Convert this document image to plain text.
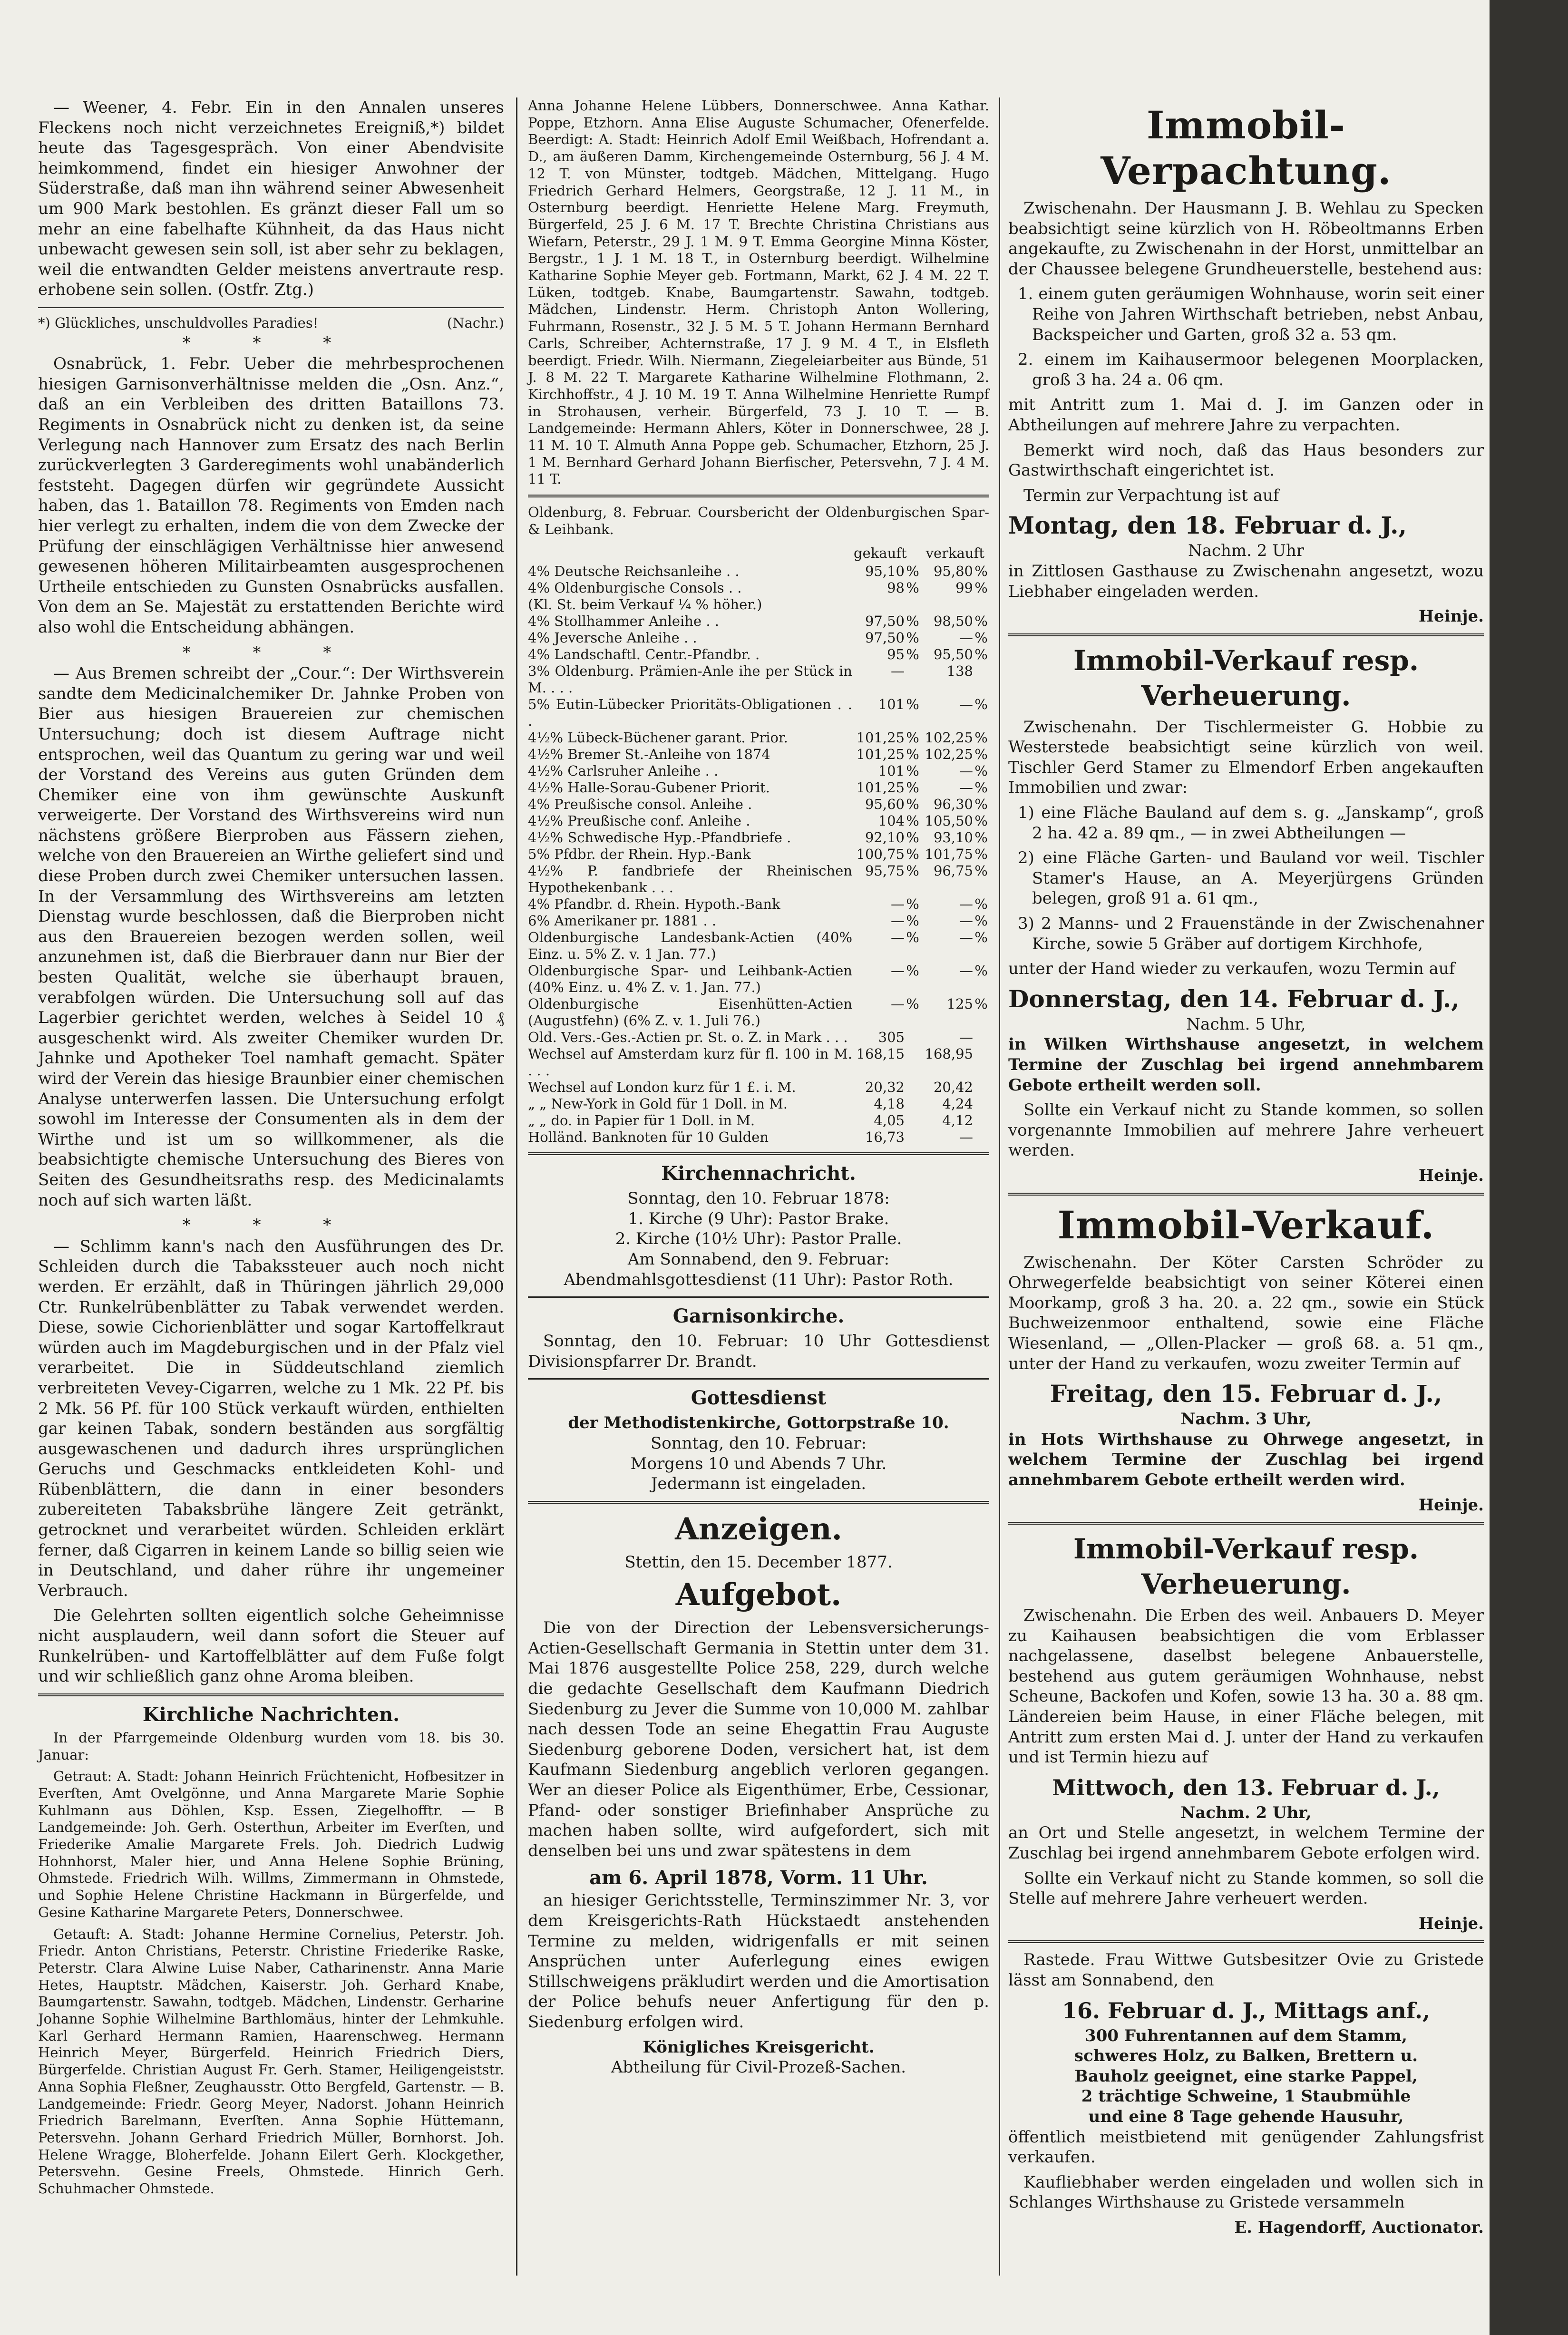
— Weener, 4. Febr. Ein in den Annalen unseres Fleckens noch nicht verzeichnetes Ereigniß,*) bildet heute das Tagesgespräch. Von einer Abendvisite heimkommend, findet ein hiesiger Anwohner der Süderstraße, daß man ihn während seiner Abwesenheit um 900 Mark bestohlen. Es gränzt dieser Fall um so mehr an eine fabelhafte Kühnheit, da das Haus nicht unbewacht gewesen sein soll, ist aber sehr zu beklagen, weil die entwandten Gelder meistens anvertraute resp. erhobene sein sollen. (Ostfr. Ztg.)

*) Glückliches, unschuldvolles Paradies!	(Nachr.)
* * *

Osnabrück, 1. Febr. Ueber die mehrbesprochenen hiesigen Garnisonverhältnisse melden die „Osn. Anz.“, daß an ein Verbleiben des dritten Bataillons 73. Regiments in Osnabrück nicht zu denken ist, da seine Verlegung nach Hannover zum Ersatz des nach Berlin zurückverlegten 3 Garderegiments wohl unabänderlich feststeht. Dagegen dürfen wir gegründete Aussicht haben, das 1. Bataillon 78. Regiments von Emden nach hier verlegt zu erhalten, indem die von dem Zwecke der Prüfung der einschlägigen Verhältnisse hier anwesend gewesenen höheren Militairbeamten ausgesprochenen Urtheile entschieden zu Gunsten Osnabrücks ausfallen. Von dem an Se. Majestät zu erstattenden Berichte wird also wohl die Entscheidung abhängen.

* * *

— Aus Bremen schreibt der „Cour.“: Der Wirthsverein sandte dem Medicinalchemiker Dr. Jahnke Proben von Bier aus hiesigen Brauereien zur chemischen Untersuchung; doch ist diesem Auftrage nicht entsprochen, weil das Quantum zu gering war und weil der Vorstand des Vereins aus guten Gründen dem Chemiker eine von ihm gewünschte Auskunft verweigerte. Der Vorstand des Wirthsvereins wird nun nächstens größere Bierproben aus Fässern ziehen, welche von den Brauereien an Wirthe geliefert sind und diese Proben durch zwei Chemiker untersuchen lassen. In der Versammlung des Wirthsvereins am letzten Dienstag wurde beschlossen, daß die Bierproben nicht aus den Brauereien bezogen werden sollen, weil anzunehmen ist, daß die Bierbrauer dann nur Bier der besten Qualität, welche sie überhaupt brauen, verabfolgen würden. Die Untersuchung soll auf das Lagerbier gerichtet werden, welches à Seidel 10 ₰ ausgeschenkt wird. Als zweiter Chemiker wurden Dr. Jahnke und Apotheker Toel namhaft gemacht. Später wird der Verein das hiesige Braunbier einer chemischen Analyse unterwerfen lassen. Die Untersuchung erfolgt sowohl im Interesse der Consumenten als in dem der Wirthe und ist um so willkommener, als die beabsichtigte chemische Untersuchung des Bieres von Seiten des Gesundheitsraths resp. des Medicinalamts noch auf sich warten läßt.

* * *

— Schlimm kann's nach den Ausführungen des Dr. Schleiden durch die Tabakssteuer auch noch nicht werden. Er erzählt, daß in Thüringen jährlich 29,000 Ctr. Runkelrübenblätter zu Tabak verwendet werden. Diese, sowie Cichorienblätter und sogar Kartoffelkraut würden auch im Magdeburgischen und in der Pfalz viel verarbeitet. Die in Süddeutschland ziemlich verbreiteten Vevey-Cigarren, welche zu 1 Mk. 22 Pf. bis 2 Mk. 56 Pf. für 100 Stück verkauft würden, enthielten gar keinen Tabak, sondern beständen aus sorgfältig ausgewaschenen und dadurch ihres ursprünglichen Geruchs und Geschmacks entkleideten Kohl- und Rübenblättern, die dann in einer besonders zubereiteten Tabaksbrühe längere Zeit getränkt, getrocknet und verarbeitet würden. Schleiden erklärt ferner, daß Cigarren in keinem Lande so billig seien wie in Deutschland, und daher rühre ihr ungemeiner Verbrauch.

Die Gelehrten sollten eigentlich solche Geheimnisse nicht ausplaudern, weil dann sofort die Steuer auf Runkelrüben- und Kartoffelblätter auf dem Fuße folgt und wir schließlich ganz ohne Aroma bleiben.

Kirchliche Nachrichten.

In der Pfarrgemeinde Oldenburg wurden vom 18. bis 30. Januar:

Getraut: A. Stadt: Johann Heinrich Früchtenicht, Hofbesitzer in Everſten, Amt Ovelgönne, und Anna Margarete Marie Sophie Kuhlmann aus Döhlen, Ksp. Essen, Ziegelhofftr. — B Landgemeinde: Joh. Gerh. Osterthun, Arbeiter im Everſten, und Friederike Amalie Margarete Frels. Joh. Diedrich Ludwig Hohnhorst, Maler hier, und Anna Helene Sophie Brüning, Ohmstede. Friedrich Wilh. Willms, Zimmermann in Ohmstede, und Sophie Helene Christine Hackmann in Bürgerfelde, und Gesine Katharine Margarete Peters, Donnerschwee.

Getauft: A. Stadt: Johanne Hermine Cornelius, Peterstr. Joh. Friedr. Anton Christians, Peterstr. Christine Friederike Raske, Peterstr. Clara Alwine Luise Naber, Catharinenstr. Anna Marie Hetes, Hauptstr. Mädchen, Kaiserstr. Joh. Gerhard Knabe, Baumgartenstr. Sawahn, todtgeb. Mädchen, Lindenstr. Gerharine Johanne Sophie Wilhelmine Barthlomäus, hinter der Lehmkuhle. Karl Gerhard Hermann Ramien, Haarenschweg. Hermann Heinrich Meyer, Bürgerfeld. Heinrich Friedrich Diers, Bürgerfelde. Christian August Fr. Gerh. Stamer, Heiligengeiststr. Anna Sophia Fleßner, Zeughausstr. Otto Bergfeld, Gartenstr. — B. Landgemeinde: Friedr. Georg Meyer, Nadorst. Johann Heinrich Friedrich Barelmann, Everſten. Anna Sophie Hüttemann, Petersvehn. Johann Gerhard Friedrich Müller, Bornhorst. Joh. Helene Wragge, Bloherfelde. Johann Eilert Gerh. Klockgether, Petersvehn. Gesine Freels, Ohmstede. Hinrich Gerh. Schuhmacher Ohmstede.

Anna Johanne Helene Lübbers, Donnerschwee. Anna Kathar. Poppe, Etzhorn. Anna Elise Auguste Schumacher, Ofenerfelde. Beerdigt: A. Stadt: Heinrich Adolf Emil Weißbach, Hofrendant a. D., am äußeren Damm, Kirchengemeinde Osternburg, 56 J. 4 M. 12 T. von Münster, todtgeb. Mädchen, Mittelgang. Hugo Friedrich Gerhard Helmers, Georgstraße, 12 J. 11 M., in Osternburg beerdigt. Henriette Helene Marg. Freymuth, Bürgerfeld, 25 J. 6 M. 17 T. Brechte Christina Christians aus Wiefarn, Peterstr., 29 J. 1 M. 9 T. Emma Georgine Minna Köster, Bergstr., 1 J. 1 M. 18 T., in Osternburg beerdigt. Wilhelmine Katharine Sophie Meyer geb. Fortmann, Markt, 62 J. 4 M. 22 T. Lüken, todtgeb. Knabe, Baumgartenstr. Sawahn, todtgeb. Mädchen, Lindenstr. Herm. Christoph Anton Wollering, Fuhrmann, Rosenstr., 32 J. 5 M. 5 T. Johann Hermann Bernhard Carls, Schreiber, Achternstraße, 17 J. 9 M. 4 T., in Elsfleth beerdigt. Friedr. Wilh. Niermann, Ziegeleiarbeiter aus Bünde, 51 J. 8 M. 22 T. Margarete Katharine Wilhelmine Flothmann, 2. Kirchhoffstr., 4 J. 10 M. 19 T. Anna Wilhelmine Henriette Rumpf in Strohausen, verheir. Bürgerfeld, 73 J. 10 T. — B. Landgemeinde: Hermann Ahlers, Köter in Donnerschwee, 28 J. 11 M. 10 T. Almuth Anna Poppe geb. Schumacher, Etzhorn, 25 J. 1 M. Bernhard Gerhard Johann Bierfischer, Petersvehn, 7 J. 4 M. 11 T.

Oldenburg, 8. Februar. Coursbericht der Oldenburgischen Spar- & Leihbank.

gekauft verkauft
4% Deutsche Reichsanleihe . .	95,10	%	95,80	%
4% Oldenburgische Consols . .	98	%	99	%
(Kl. St. beim Verkauf ¼ % höher.)				
4% Stollhammer Anleihe . .	97,50	%	98,50	%
4% Jeversche Anleihe . .	97,50	%	—	%
4% Landschaftl. Centr.-Pfandbr. .	95	%	95,50	%
3% Oldenburg. Prämien-Anle ihe per Stück in M. . . .	—		138	
5% Eutin-Lübecker Prioritäts-Obligationen . . .	101	%	—	%
4½% Lübeck-Büchener garant. Prior.	101,25	%	102,25	%
4½% Bremer St.-Anleihe von 1874	101,25	%	102,25	%
4½% Carlsruher Anleihe . .	101	%	—	%
4½% Halle-Sorau-Gubener Priorit.	101,25	%	—	%
4% Preußische consol. Anleihe .	95,60	%	96,30	%
4½% Preußische conf. Anleihe .	104	%	105,50	%
4½% Schwedische Hyp.-Pfandbriefe .	92,10	%	93,10	%
5% Pfdbr. der Rhein. Hyp.-Bank	100,75	%	101,75	%
4½% P. fandbriefe der Rheinischen Hypothekenbank . . .	95,75	%	96,75	%
4% Pfandbr. d. Rhein. Hypoth.-Bank	—	%	—	%
6% Amerikaner pr. 1881 . .	—	%	—	%
Oldenburgische Landesbank-Actien (40% Einz. u. 5% Z. v. 1 Jan. 77.)	—	%	—	%
Oldenburgische Spar- und Leihbank-Actien (40% Einz. u. 4% Z. v. 1. Jan. 77.)	—	%	—	%
Oldenburgische Eisenhütten-Actien (Augustfehn) (6% Z. v. 1. Juli 76.)	—	%	125	%
Old. Vers.-Ges.-Actien pr. St. o. Z. in Mark . . .	305		—	
Wechsel auf Amsterdam kurz für fl. 100 in M. . . .	168,15		168,95	
Wechsel auf London kurz für 1 £. i. M.	20,32		20,42	
„ „ New-York in Gold für 1 Doll. in M.	4,18		4,24	
„ „ do. in Papier für 1 Doll. in M.	4,05		4,12	
Holländ. Banknoten für 10 Gulden	16,73		—	
Kirchennachricht.
Sonntag, den 10. Februar 1878:
1. Kirche (9 Uhr): Pastor Brake.
2. Kirche (10½ Uhr): Pastor Pralle.
Am Sonnabend, den 9. Februar:
Abendmahlsgottesdienst (11 Uhr): Pastor Roth.
Garnisonkirche.

Sonntag, den 10. Februar: 10 Uhr Gottesdienst Divisionspfarrer Dr. Brandt.

Gottesdienst
der Methodistenkirche, Gottorpstraße 10.
Sonntag, den 10. Februar:
Morgens 10 und Abends 7 Uhr.
Jedermann ist eingeladen.
Anzeigen.
Stettin, den 15. December 1877.
Aufgebot.

Die von der Direction der Lebensversicherungs-Actien-Gesellschaft Germania in Stettin unter dem 31. Mai 1876 ausgestellte Police 258, 229, durch welche die gedachte Gesellschaft dem Kaufmann Diedrich Siedenburg zu Jever die Summe von 10,000 M. zahlbar nach dessen Tode an seine Ehegattin Frau Auguste Siedenburg geborene Doden, versichert hat, ist dem Kaufmann Siedenburg angeblich verloren gegangen. Wer an dieser Police als Eigenthümer, Erbe, Cessionar, Pfand- oder sonstiger Briefinhaber Ansprüche zu machen haben sollte, wird aufgefordert, sich mit denselben bei uns und zwar spätestens in dem

am 6. April 1878, Vorm. 11 Uhr.

an hiesiger Gerichtsstelle, Terminszimmer Nr. 3, vor dem Kreisgerichts-Rath Hückstaedt anstehenden Termine zu melden, widrigenfalls er mit seinen Ansprüchen unter Auferlegung eines ewigen Stillschweigens präkludirt werden und die Amortisation der Police behufs neuer Anfertigung für den p. Siedenburg erfolgen wird.

Königliches Kreisgericht.
Abtheilung für Civil-Prozeß-Sachen.
Immobil-Verpachtung.

Zwischenahn. Der Hausmann J. B. Wehlau zu Specken beabsichtigt seine kürzlich von H. Röbeoltmanns Erben angekaufte, zu Zwischenahn in der Horst, unmittelbar an der Chaussee belegene Grundheuerstelle, bestehend aus:

1. einem guten geräumigen Wohnhause, worin seit einer Reihe von Jahren Wirthschaft betrieben, nebst Anbau, Backspeicher und Garten, groß 32 a. 53 qm.

2. einem im Kaihausermoor belegenen Moorplacken, groß 3 ha. 24 a. 06 qm.

mit Antritt zum 1. Mai d. J. im Ganzen oder in Abtheilungen auf mehrere Jahre zu verpachten.

Bemerkt wird noch, daß das Haus besonders zur Gastwirthschaft eingerichtet ist.

Termin zur Verpachtung ist auf

Montag, den 18. Februar d. J.,
Nachm. 2 Uhr

in Zittlosen Gasthause zu Zwischenahn angesetzt, wozu Liebhaber eingeladen werden.

Heinje.
Immobil-Verkauf resp. Verheuerung.

Zwischenahn. Der Tischlermeister G. Hobbie zu Westerstede beabsichtigt seine kürzlich von weil. Tischler Gerd Stamer zu Elmendorf Erben angekauften Immobilien und zwar:

1) eine Fläche Bauland auf dem s. g. „Janskamp“, groß 2 ha. 42 a. 89 qm., — in zwei Abtheilungen —

2) eine Fläche Garten- und Bauland vor weil. Tischler Stamer's Hause, an A. Meyerjürgens Gründen belegen, groß 91 a. 61 qm.,

3) 2 Manns- und 2 Frauenstände in der Zwischenahner Kirche, sowie 5 Gräber auf dortigem Kirchhofe,

unter der Hand wieder zu verkaufen, wozu Termin auf

Donnerstag, den 14. Februar d. J.,
Nachm. 5 Uhr,

in Wilken Wirthshause angesetzt, in welchem Termine der Zuschlag bei irgend annehmbarem Gebote ertheilt werden soll.

Sollte ein Verkauf nicht zu Stande kommen, so sollen vorgenannte Immobilien auf mehrere Jahre verheuert werden.

Heinje.
Immobil-Verkauf.

Zwischenahn. Der Köter Carsten Schröder zu Ohrwegerfelde beabsichtigt von seiner Köterei einen Moorkamp, groß 3 ha. 20. a. 22 qm., sowie ein Stück Buchweizenmoor enthaltend, sowie eine Fläche Wiesenland, — „Ollen-Placker — groß 68. a. 51 qm., unter der Hand zu verkaufen, wozu zweiter Termin auf

Freitag, den 15. Februar d. J.,
Nachm. 3 Uhr,

in Hots Wirthshause zu Ohrwege angesetzt, in welchem Termine der Zuschlag bei irgend annehmbarem Gebote ertheilt werden wird.

Heinje.
Immobil-Verkauf resp. Verheuerung.

Zwischenahn. Die Erben des weil. Anbauers D. Meyer zu Kaihausen beabsichtigen die vom Erblasser nachgelassene, daselbst belegene Anbauerstelle, bestehend aus gutem geräumigen Wohnhause, nebst Scheune, Backofen und Kofen, sowie 13 ha. 30 a. 88 qm. Ländereien beim Hause, in einer Fläche belegen, mit Antritt zum ersten Mai d. J. unter der Hand zu verkaufen und ist Termin hiezu auf

Mittwoch, den 13. Februar d. J.,
Nachm. 2 Uhr,

an Ort und Stelle angesetzt, in welchem Termine der Zuschlag bei irgend annehmbarem Gebote erfolgen wird.

Sollte ein Verkauf nicht zu Stande kommen, so soll die Stelle auf mehrere Jahre verheuert werden.

Heinje.

Rastede. Frau Wittwe Gutsbesitzer Ovie zu Gristede lässt am Sonnabend, den

16. Februar d. J., Mittags anf.,
300 Fuhrentannen auf dem Stamm,
schweres Holz, zu Balken, Brettern u.
Bauholz geeignet, eine starke Pappel,
2 trächtige Schweine, 1 Staubmühle
und eine 8 Tage gehende Hausuhr,

öffentlich meistbietend mit genügender Zahlungsfrist verkaufen.

Kaufliebhaber werden eingeladen und wollen sich in Schlanges Wirthshause zu Gristede versammeln

E. Hagendorff, Auctionator.
